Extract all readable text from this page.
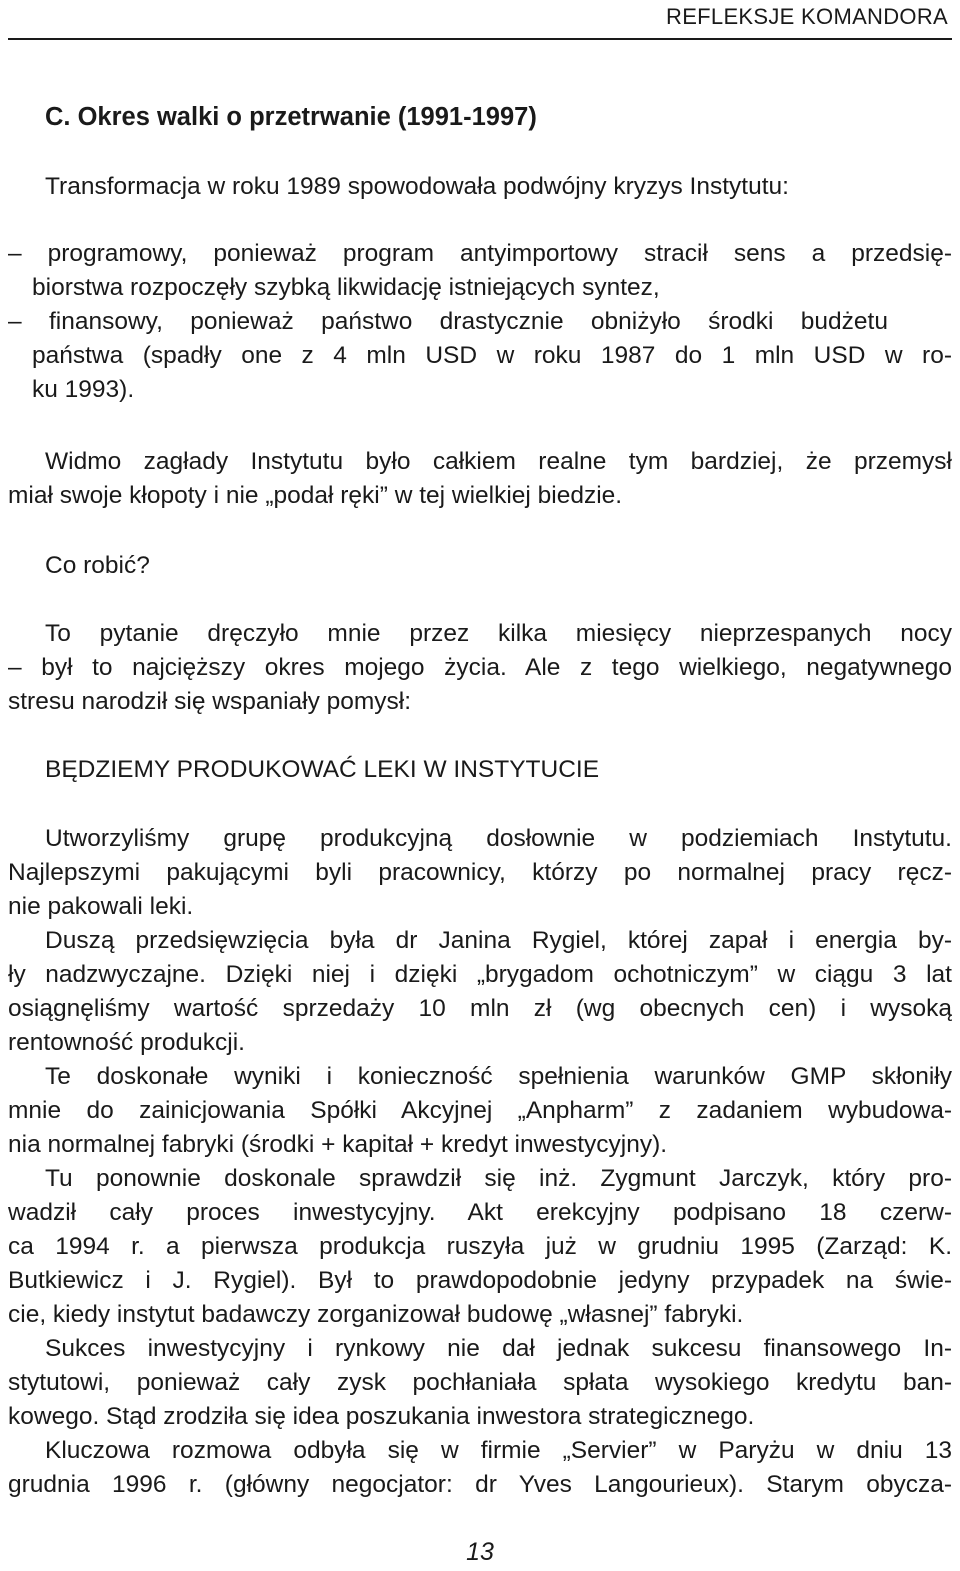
REFLEKSJE KOMANDORA
C. Okres walki o przetrwanie (1991-1997)
Transformacja w roku 1989 spowodowała podwójny kryzys Instytutu:
– programowy, ponieważ program antyimportowy stracił sens a przedsię-
biorstwa rozpoczęły szybką likwidację istniejących syntez,
– finansowy, ponieważ państwo drastycznie obniżyło środki budżetu
państwa (spadły one z 4 mln USD w roku 1987 do 1 mln USD w ro-
ku 1993).
Widmo zagłady Instytutu było całkiem realne tym bardziej, że przemysł
miał swoje kłopoty i nie „podał ręki” w tej wielkiej biedzie.
Co robić?
To pytanie dręczyło mnie przez kilka miesięcy nieprzespanych nocy
– był to najcięższy okres mojego życia. Ale z tego wielkiego, negatywnego
stresu narodził się wspaniały pomysł:
BĘDZIEMY PRODUKOWAĆ LEKI W INSTYTUCIE
Utworzyliśmy grupę produkcyjną dosłownie w podziemiach Instytutu.
Najlepszymi pakującymi byli pracownicy, którzy po normalnej pracy ręcz-
nie pakowali leki.
Duszą przedsięwzięcia była dr Janina Rygiel, której zapał i energia by-
ły nadzwyczajne. Dzięki niej i dzięki „brygadom ochotniczym” w ciągu 3 lat
osiągnęliśmy wartość sprzedaży 10 mln zł (wg obecnych cen) i wysoką
rentowność produkcji.
Te doskonałe wyniki i konieczność spełnienia warunków GMP skłoniły
mnie do zainicjowania Spółki Akcyjnej „Anpharm” z zadaniem wybudowa-
nia normalnej fabryki (środki + kapitał + kredyt inwestycyjny).
Tu ponownie doskonale sprawdził się inż. Zygmunt Jarczyk, który pro-
wadził cały proces inwestycyjny. Akt erekcyjny podpisano 18 czerw-
ca 1994 r. a pierwsza produkcja ruszyła już w grudniu 1995 (Zarząd: K.
Butkiewicz i J. Rygiel). Był to prawdopodobnie jedyny przypadek na świe-
cie, kiedy instytut badawczy zorganizował budowę „własnej” fabryki.
Sukces inwestycyjny i rynkowy nie dał jednak sukcesu finansowego In-
stytutowi, ponieważ cały zysk pochłaniała spłata wysokiego kredytu ban-
kowego. Stąd zrodziła się idea poszukania inwestora strategicznego.
Kluczowa rozmowa odbyła się w firmie „Servier” w Paryżu w dniu 13
grudnia 1996 r. (główny negocjator: dr Yves Langourieux). Starym obycza-
13
